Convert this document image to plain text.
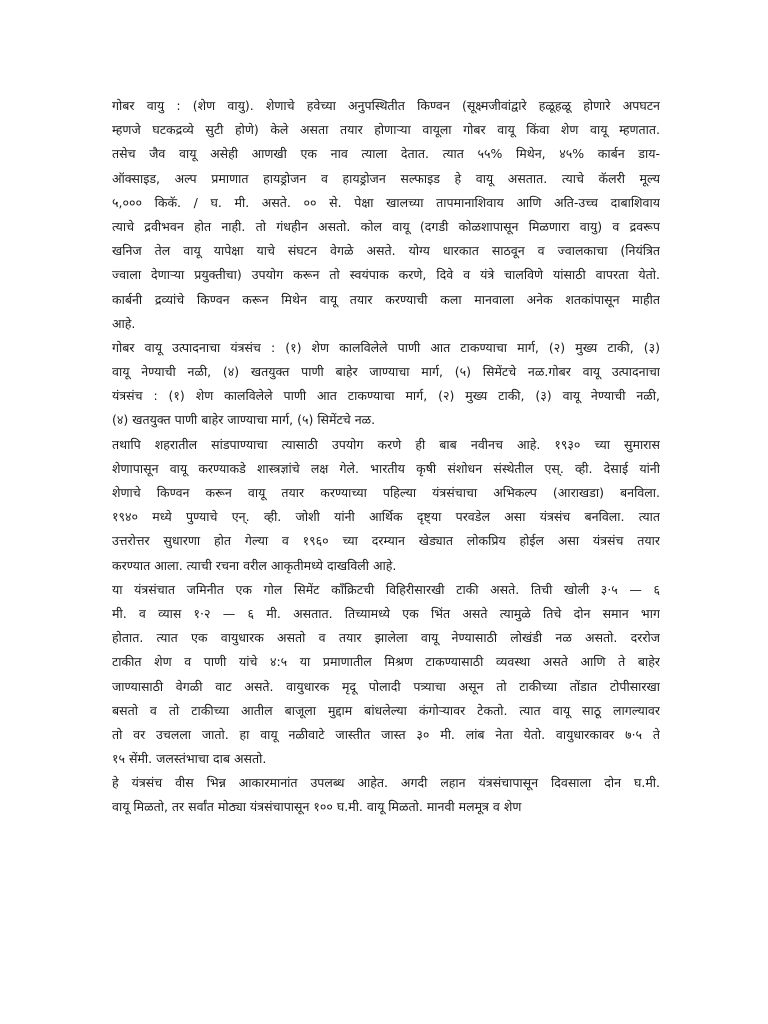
गोबर वायु : (शेण वायु). शेणाचे हवेच्या अनुपस्थितीत किण्वन (सूक्ष्मजीवांद्वारे हळूहळू होणारे अपघटन
म्हणजे घटकद्रव्ये सुटी होणे) केले असता तयार होणाऱ्या वायूला गोबर वायू किंवा शेण वायू म्हणतात.
तसेच जैव वायू असेही आणखी एक नाव त्याला देतात. त्यात ५५% मिथेन, ४५% कार्बन डाय-
ऑक्साइड, अल्प प्रमाणात हायड्रोजन व हायड्रोजन सल्फाइड हे वायू असतात. त्याचे कॅलरी मूल्य
५,००० किकॅ. / घ. मी. असते. ०० से. पेक्षा खालच्या तापमानाशिवाय आणि अति-उच्च दाबाशिवाय
त्याचे द्रवीभवन होत नाही. तो गंधहीन असतो. कोल वायू (दगडी कोळशापासून मिळणारा वायु) व द्रवरूप
खनिज तेल वायू यापेक्षा याचे संघटन वेगळे असते. योग्य धारकात साठवून व ज्वालकाचा (नियंत्रित
ज्वाला देणाऱ्या प्रयुक्तीचा) उपयोग करून तो स्वयंपाक करणे, दिवे व यंत्रे चालविणे यांसाठी वापरता येतो.
कार्बनी द्रव्यांचे किण्वन करून मिथेन वायू तयार करण्याची कला मानवाला अनेक शतकांपासून माहीत
आहे.
गोबर वायू उत्पादनाचा यंत्रसंच : (१) शेण कालविलेले पाणी आत टाकण्याचा मार्ग, (२) मुख्य टाकी, (३)
वायू नेण्याची नळी, (४) खतयुक्त पाणी बाहेर जाण्याचा मार्ग, (५) सिमेंटचे नळ.गोबर वायू उत्पादनाचा
यंत्रसंच : (१) शेण कालविलेले पाणी आत टाकण्याचा मार्ग, (२) मुख्य टाकी, (३) वायू नेण्याची नळी,
(४) खतयुक्त पाणी बाहेर जाण्याचा मार्ग, (५) सिमेंटचे नळ.
तथापि शहरातील सांडपाण्याचा त्यासाठी उपयोग करणे ही बाब नवीनच आहे. १९३० च्या सुमारास
शेणापासून वायू करण्याकडे शास्त्रज्ञांचे लक्ष गेले. भारतीय कृषी संशोधन संस्थेतील एस्. व्ही. देसाई यांनी
शेणाचे किण्वन करून वायू तयार करण्याच्या पहिल्या यंत्रसंचाचा अभिकल्प (आराखडा) बनविला.
१९४० मध्ये पुण्याचे एन्. व्ही. जोशी यांनी आर्थिक दृष्ट्या परवडेल असा यंत्रसंच बनविला. त्यात
उत्तरोत्तर सुधारणा होत गेल्या व १९६० च्या दरम्यान खेड्यात लोकप्रिय होईल असा यंत्रसंच तयार
करण्यात आला. त्याची रचना वरील आकृतीमध्ये दाखविली आहे.
या यंत्रसंचात जमिनीत एक गोल सिमेंट काँक्रिटची विहिरीसारखी टाकी असते. तिची खोली ३·५ — ६
मी. व व्यास १·२ — ६ मी. असतात. तिच्यामध्ये एक भिंत असते त्यामुळे तिचे दोन समान भाग
होतात. त्यात एक वायुधारक असतो व तयार झालेला वायू नेण्यासाठी लोखंडी नळ असतो. दररोज
टाकीत शेण व पाणी यांचे ४:५ या प्रमाणातील मिश्रण टाकण्यासाठी व्यवस्था असते आणि ते बाहेर
जाण्यासाठी वेगळी वाट असते. वायुधारक मृदू पोलादी पत्र्याचा असून तो टाकीच्या तोंडात टोपीसारखा
बसतो व तो टाकीच्या आतील बाजूला मुद्दाम बांधलेल्या कंगोऱ्यावर टेकतो. त्यात वायू साठू लागल्यावर
तो वर उचलला जातो. हा वायू नळीवाटे जास्तीत जास्त ३० मी. लांब नेता येतो. वायुधारकावर ७·५ ते
१५ सेंमी. जलस्तंभाचा दाब असतो.
हे यंत्रसंच वीस भिन्न आकारमानांत उपलब्ध आहेत. अगदी लहान यंत्रसंचापासून दिवसाला दोन घ.मी.
वायू मिळतो, तर सर्वांत मोठ्या यंत्रसंचापासून १०० घ.मी. वायू मिळतो. मानवी मलमूत्र व शेण
